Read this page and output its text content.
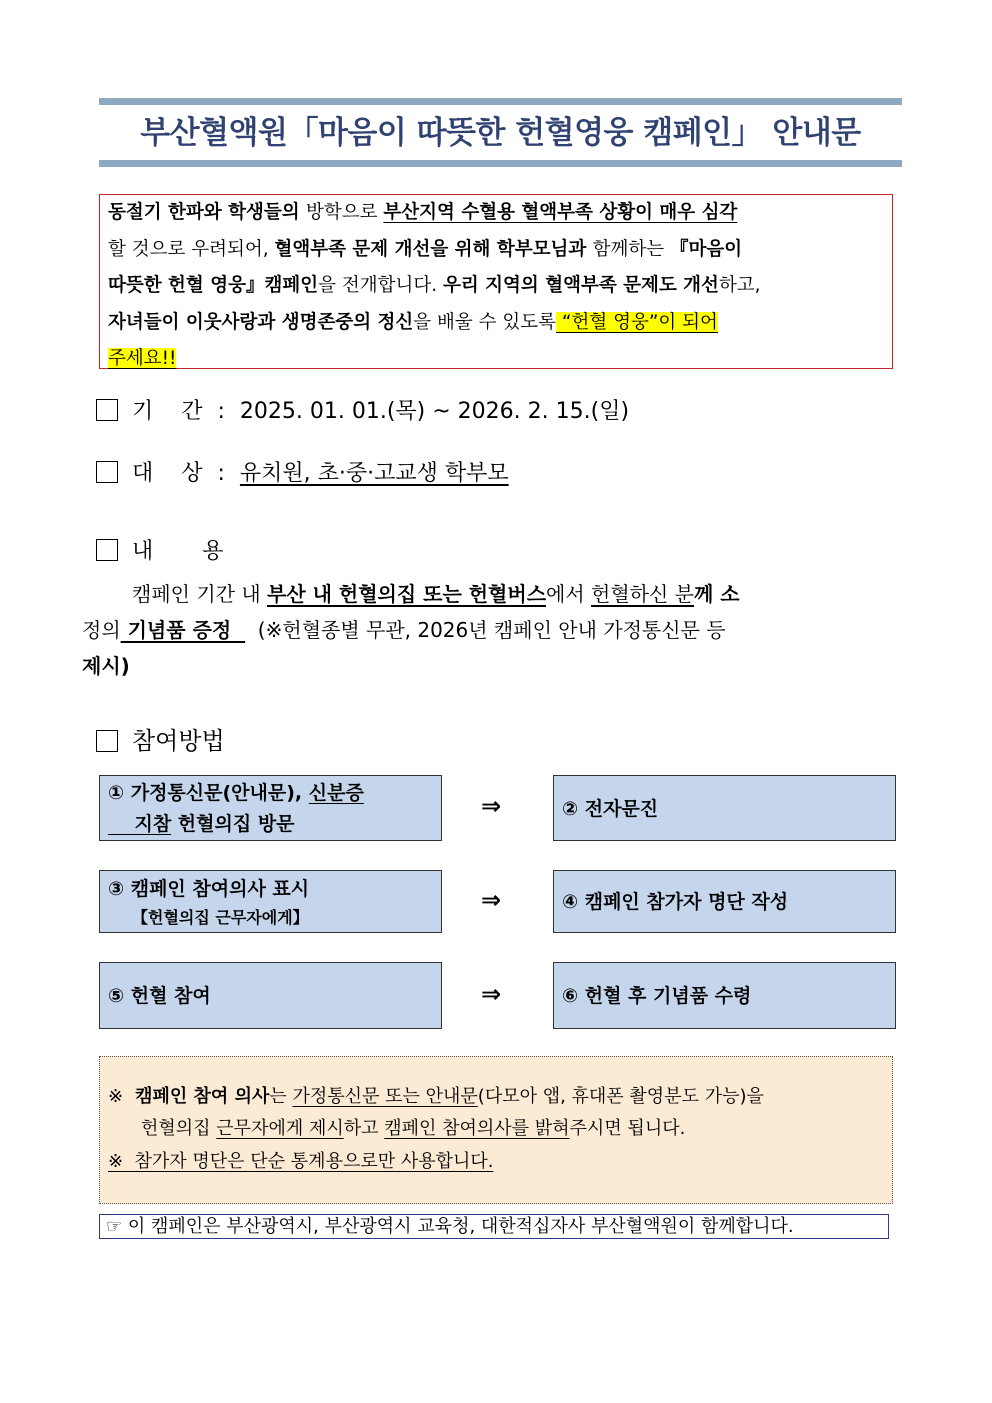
부산혈액원「마음이 따뜻한 헌혈영웅 캠페인」 안내문
동절기 한파와 학생들의 방학으로 부산지역 수혈용 혈액부족 상황이 매우 심각
할 것으로 우려되어, 혈액부족 문제 개선을 위해 학부모님과 함께하는 『마음이
따뜻한 헌혈 영웅』캠페인을 전개합니다. 우리 지역의 혈액부족 문제도 개선하고,
자녀들이 이웃사랑과 생명존중의 정신을 배울 수 있도록 “헌혈 영웅”이 되어
주세요!!
기    간 : 2025. 01. 01.(목) ~ 2026. 2. 15.(일)
대    상 : 유치원, 초·중·고교생 학부모
내       용
캠페인 기간 내 부산 내 헌혈의집 또는 헌혈버스에서 헌혈하신 분께 소
정의 기념품 증정    (※헌혈종별 무관, 2026년 캠페인 안내 가정통신문 등
제시)
참여방법
① 가정통신문(안내문), 신분증
지참 헌혈의집 방문
⇒	② 전자문진
③ 캠페인 참여의사 표시
【헌혈의집 근무자에게】
⇒	④ 캠페인 참가자 명단 작성
⑤ 헌혈 참여	⇒	⑥ 헌혈 후 기념품 수령
※ 캠페인 참여 의사는 가정통신문 또는 안내문(다모아 앱, 휴대폰 촬영분도 가능)을
헌혈의집 근무자에게 제시하고 캠페인 참여의사를 밝혀주시면 됩니다.
※  참가자 명단은 단순 통계용으로만 사용합니다.
☞ 이 캠페인은 부산광역시, 부산광역시 교육청, 대한적십자사 부산혈액원이 함께합니다.
